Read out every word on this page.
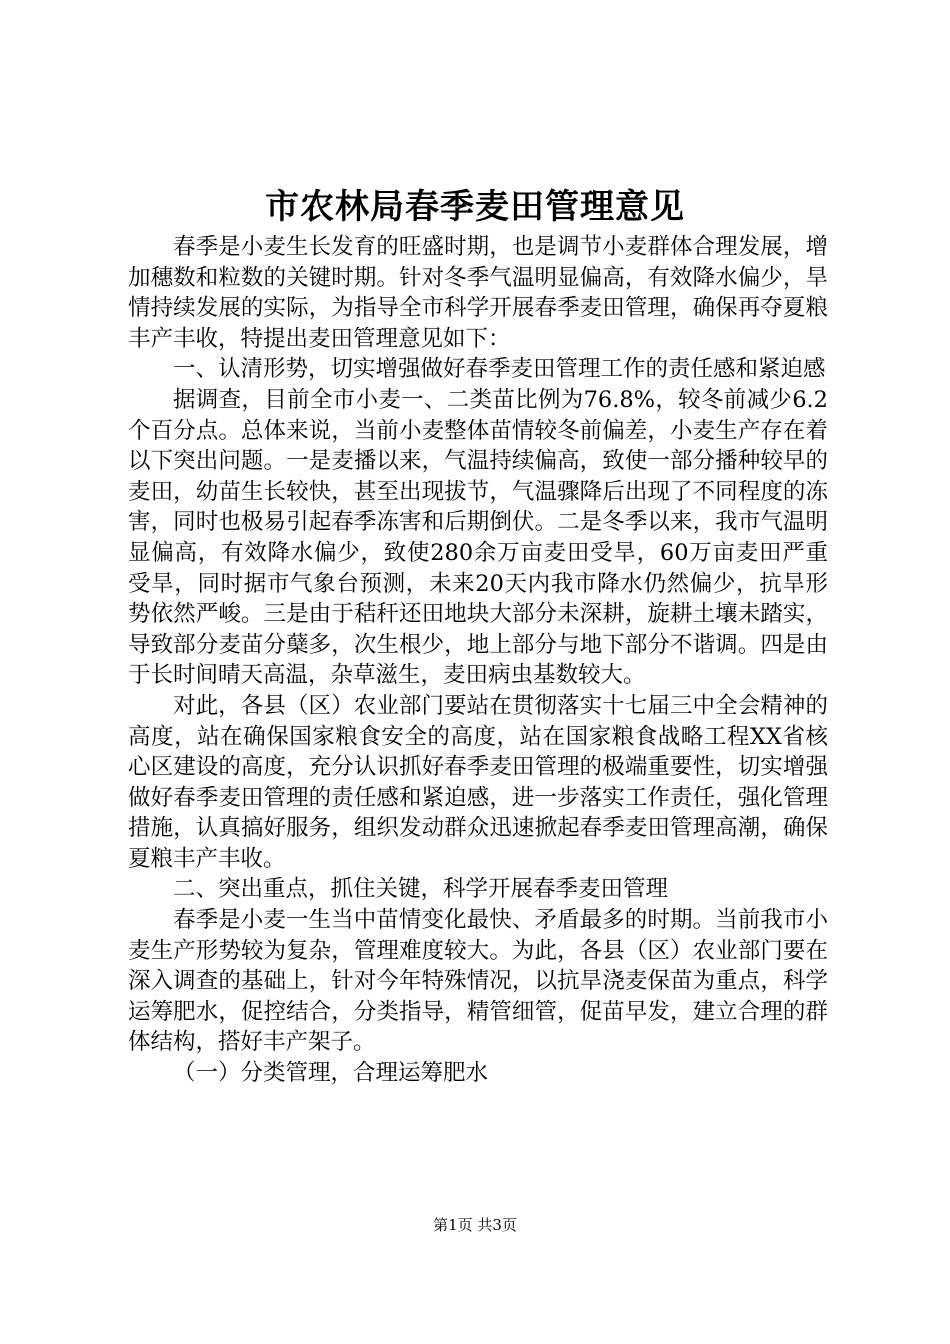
市农林局春季麦田管理意见

春季是小麦生长发育的旺盛时期，也是调节小麦群体合理发展，增加穗数和粒数的关键时期。针对冬季气温明显偏高，有效降水偏少，旱情持续发展的实际，为指导全市科学开展春季麦田管理，确保再夺夏粮丰产丰收，特提出麦田管理意见如下：

一、认清形势，切实增强做好春季麦田管理工作的责任感和紧迫感

据调查，目前全市小麦一、二类苗比例为76.8%，较冬前减少6.2个百分点。总体来说，当前小麦整体苗情较冬前偏差，小麦生产存在着以下突出问题。一是麦播以来，气温持续偏高，致使一部分播种较早的麦田，幼苗生长较快，甚至出现拔节，气温骤降后出现了不同程度的冻害，同时也极易引起春季冻害和后期倒伏。二是冬季以来，我市气温明显偏高，有效降水偏少，致使280余万亩麦田受旱，60万亩麦田严重受旱，同时据市气象台预测，未来20天内我市降水仍然偏少，抗旱形势依然严峻。三是由于秸秆还田地块大部分未深耕，旋耕土壤未踏实，导致部分麦苗分蘖多，次生根少，地上部分与地下部分不谐调。四是由于长时间晴天高温，杂草滋生，麦田病虫基数较大。

对此，各县（区）农业部门要站在贯彻落实十七届三中全会精神的高度，站在确保国家粮食安全的高度，站在国家粮食战略工程XX省核心区建设的高度，充分认识抓好春季麦田管理的极端重要性，切实增强做好春季麦田管理的责任感和紧迫感，进一步落实工作责任，强化管理措施，认真搞好服务，组织发动群众迅速掀起春季麦田管理高潮，确保夏粮丰产丰收。

二、突出重点，抓住关键，科学开展春季麦田管理

春季是小麦一生当中苗情变化最快、矛盾最多的时期。当前我市小麦生产形势较为复杂，管理难度较大。为此，各县（区）农业部门要在深入调查的基础上，针对今年特殊情况，以抗旱浇麦保苗为重点，科学运筹肥水，促控结合，分类指导，精管细管，促苗早发，建立合理的群体结构，搭好丰产架子。

（一）分类管理，合理运筹肥水

第1页 共3页
